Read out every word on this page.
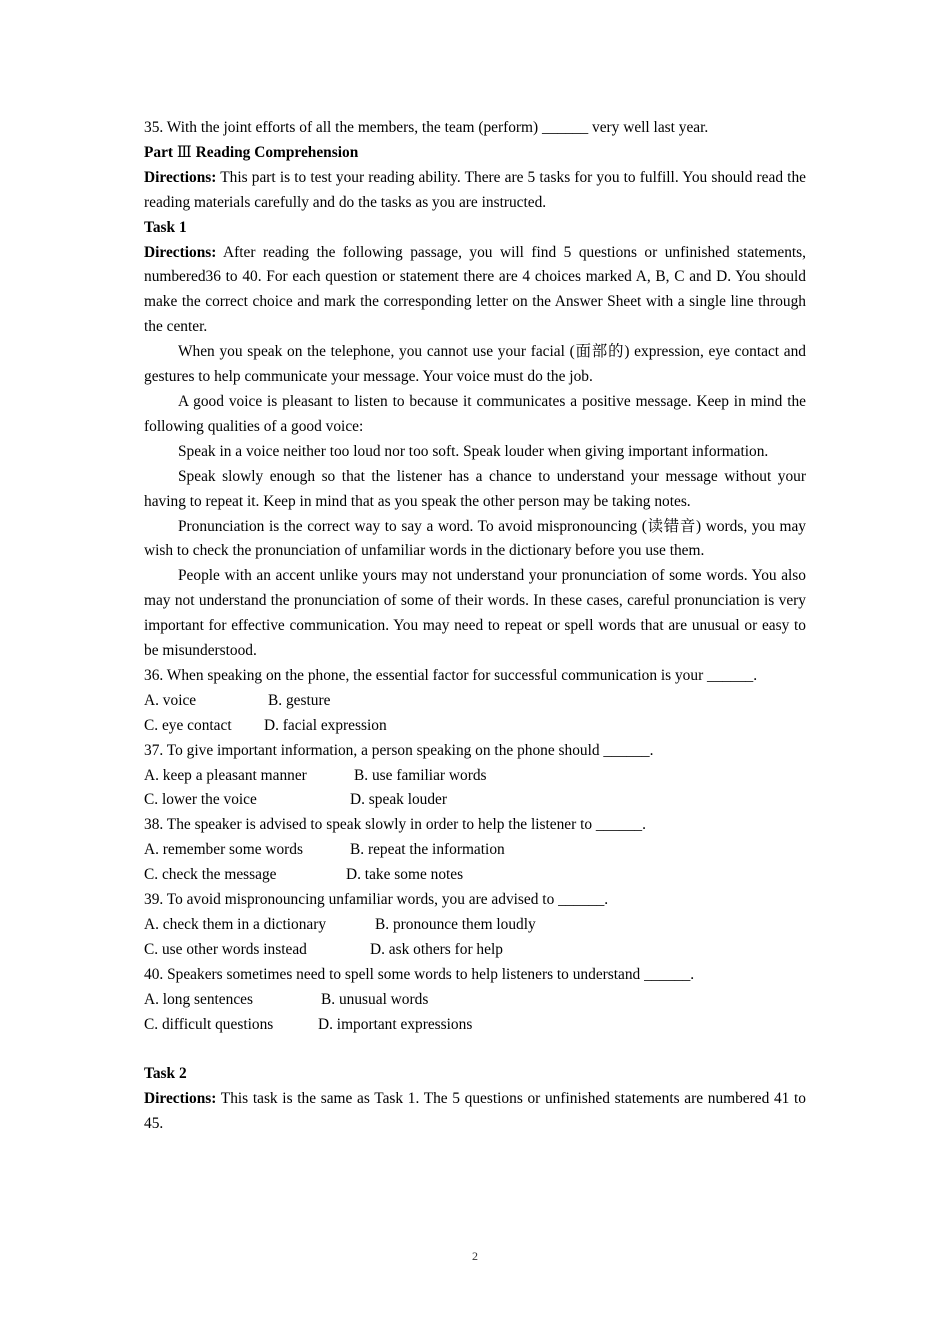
35. With the joint efforts of all the members, the team (perform) ______ very well last year.

Part Ⅲ Reading Comprehension

Directions: This part is to test your reading ability. There are 5 tasks for you to fulfill. You should read the reading materials carefully and do the tasks as you are instructed.

Task 1

Directions: After reading the following passage, you will find 5 questions or unfinished statements, numbered36 to 40. For each question or statement there are 4 choices marked A, B, C and D. You should make the correct choice and mark the corresponding letter on the Answer Sheet with a single line through the center.

When you speak on the telephone, you cannot use your facial (面部的) expression, eye contact and gestures to help communicate your message. Your voice must do the job.

A good voice is pleasant to listen to because it communicates a positive message. Keep in mind the following qualities of a good voice:

Speak in a voice neither too loud nor too soft. Speak louder when giving important information.

Speak slowly enough so that the listener has a chance to understand your message without your having to repeat it. Keep in mind that as you speak the other person may be taking notes.

Pronunciation is the correct way to say a word. To avoid mispronouncing (读错音) words, you may wish to check the pronunciation of unfamiliar words in the dictionary before you use them.

People with an accent unlike yours may not understand your pronunciation of some words. You also may not understand the pronunciation of some of their words. In these cases, careful pronunciation is very important for effective communication. You may need to repeat or spell words that are unusual or easy to be misunderstood.

36. When speaking on the phone, the essential factor for successful communication is your ______.

A. voice	B. gesture
C. eye contact	D. facial expression

37. To give important information, a person speaking on the phone should ______.

A. keep a pleasant manner	B. use familiar words
C. lower the voice	D. speak louder

38. The speaker is advised to speak slowly in order to help the listener to ______.

A. remember some words	B. repeat the information
C. check the message	D. take some notes

39. To avoid mispronouncing unfamiliar words, you are advised to ______.

A. check them in a dictionary	B. pronounce them loudly
C. use other words instead	D. ask others for help

40. Speakers sometimes need to spell some words to help listeners to understand ______.

A. long sentences	B. unusual words
C. difficult questions	D. important expressions

Task 2

Directions: This task is the same as Task 1. The 5 questions or unfinished statements are numbered 41 to 45.

2
